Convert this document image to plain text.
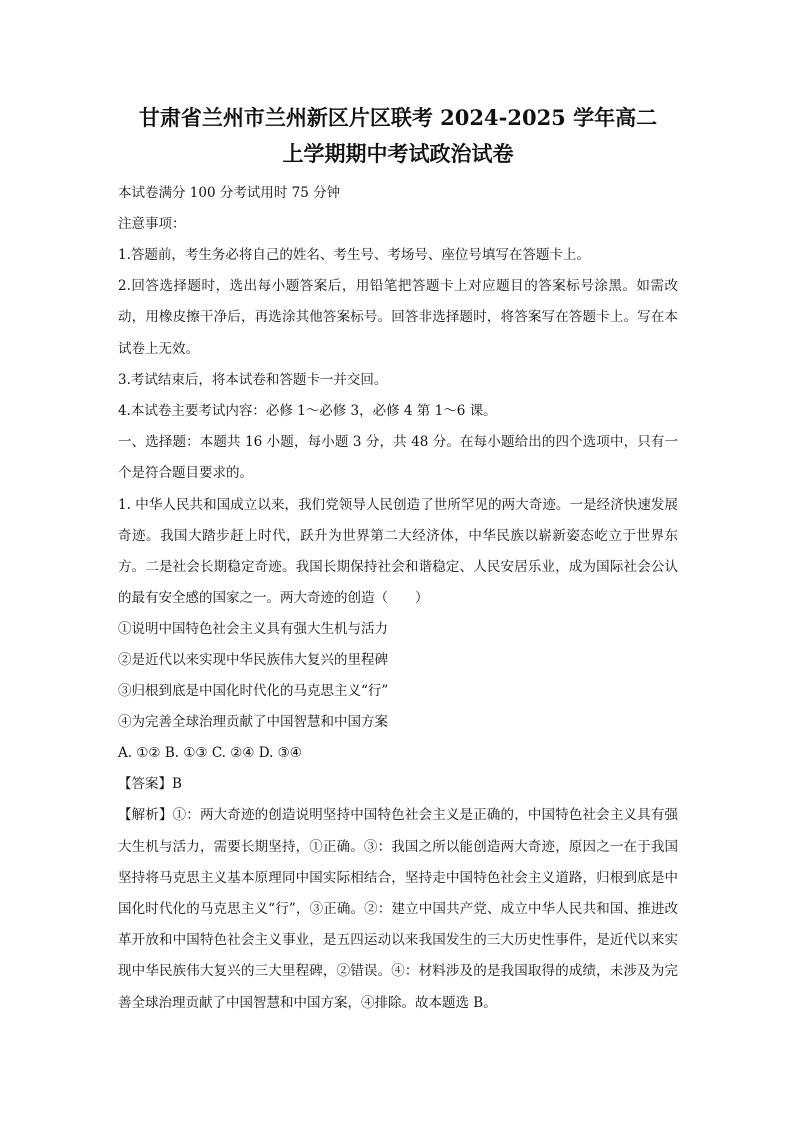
甘肃省兰州市兰州新区片区联考 2024-2025 学年高二

上学期期中考试政治试卷

本试卷满分 100 分考试用时 75 分钟

注意事项：

1.答题前，考生务必将自己的姓名、考生号、考场号、座位号填写在答题卡上。

2.回答选择题时，选出每小题答案后，用铅笔把答题卡上对应题目的答案标号涂黑。如需改动，用橡皮擦干净后，再选涂其他答案标号。回答非选择题时，将答案写在答题卡上。写在本试卷上无效。

3.考试结束后，将本试卷和答题卡一并交回。

4.本试卷主要考试内容：必修 1～必修 3，必修 4 第 1～6 课。

一、选择题：本题共 16 小题，每小题 3 分，共 48 分。在每小题给出的四个选项中，只有一个是符合题目要求的。

1. 中华人民共和国成立以来，我们党领导人民创造了世所罕见的两大奇迹。一是经济快速发展奇迹。我国大踏步赶上时代，跃升为世界第二大经济体，中华民族以崭新姿态屹立于世界东方。二是社会长期稳定奇迹。我国长期保持社会和谐稳定、人民安居乐业，成为国际社会公认的最有安全感的国家之一。两大奇迹的创造（　　）

①说明中国特色社会主义具有强大生机与活力

②是近代以来实现中华民族伟大复兴的里程碑

③归根到底是中国化时代化的马克思主义“行”

④为完善全球治理贡献了中国智慧和中国方案

A. ①② B. ①③ C. ②④ D. ③④

【答案】B

【解析】①：两大奇迹的创造说明坚持中国特色社会主义是正确的，中国特色社会主义具有强大生机与活力，需要长期坚持，①正确。③：我国之所以能创造两大奇迹，原因之一在于我国坚持将马克思主义基本原理同中国实际相结合，坚持走中国特色社会主义道路，归根到底是中国化时代化的马克思主义“行”，③正确。②：建立中国共产党、成立中华人民共和国、推进改革开放和中国特色社会主义事业，是五四运动以来我国发生的三大历史性事件，是近代以来实现中华民族伟大复兴的三大里程碑，②错误。④：材料涉及的是我国取得的成绩，未涉及为完善全球治理贡献了中国智慧和中国方案，④排除。故本题选 B。
